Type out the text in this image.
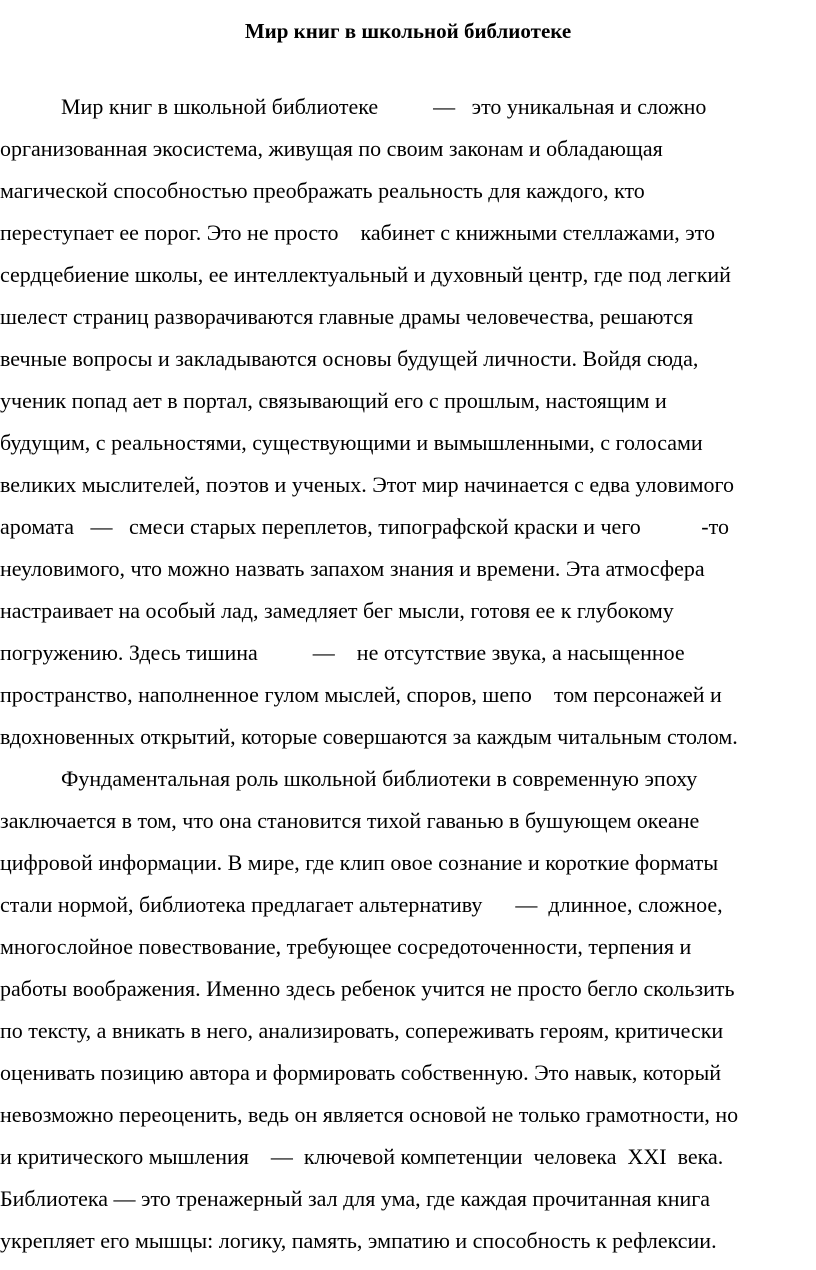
Мир книг в школьной библиотеке
Мир книг в школьной библиотеке          —   это уникальная и сложно
организованная экосистема, живущая по своим законам и обладающая
магической способностью преображать реальность для каждого, кто
переступает ее порог. Это не просто    кабинет с книжными стеллажами, это
сердцебиение школы, ее интеллектуальный и духовный центр, где под легкий
шелест страниц разворачиваются главные драмы человечества, решаются
вечные вопросы и закладываются основы будущей личности. Войдя сюда,
ученик попад ает в портал, связывающий его с прошлым, настоящим и
будущим, с реальностями, существующими и вымышленными, с голосами
великих мыслителей, поэтов и ученых. Этот мир начинается с едва уловимого
аромата   —   смеси старых переплетов, типографской краски и чего           -то
неуловимого, что можно назвать запахом знания и времени. Эта атмосфера
настраивает на особый лад, замедляет бег мысли, готовя ее к глубокому
погружению. Здесь тишина          —    не отсутствие звука, а насыщенное
пространство, наполненное гулом мыслей, споров, шепо    том персонажей и
вдохновенных открытий, которые совершаются за каждым читальным столом.
Фундаментальная роль школьной библиотеки в современную эпоху
заключается в том, что она становится тихой гаванью в бушующем океане
цифровой информации. В мире, где клип овое сознание и короткие форматы
стали нормой, библиотека предлагает альтернативу      —  длинное, сложное,
многослойное повествование, требующее сосредоточенности, терпения и
работы воображения. Именно здесь ребенок учится не просто бегло скользить
по тексту, а вникать в него, анализировать, сопереживать героям, критически
оценивать позицию автора и формировать собственную. Это навык, который
невозможно переоценить, ведь он является основой не только грамотности, но
и критического мышления    —  ключевой компетенции  человека  XXI  века.
Библиотека — это тренажерный зал для ума, где каждая прочитанная книга
укрепляет его мышцы: логику, память, эмпатию и способность к рефлексии.
